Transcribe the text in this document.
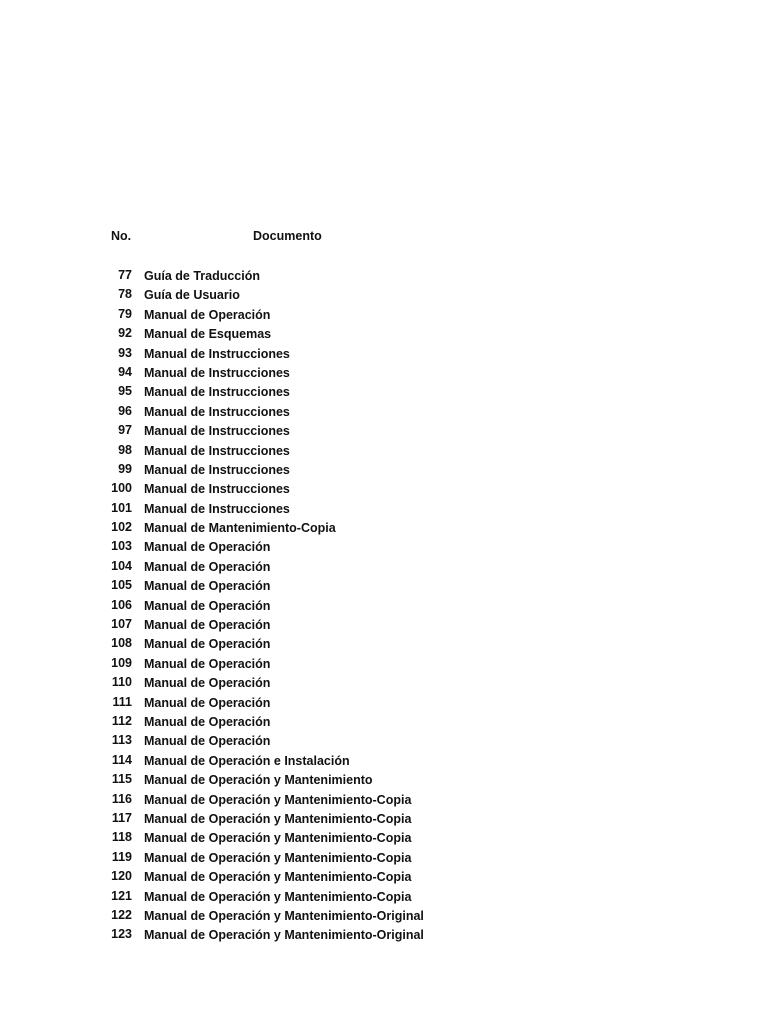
No.	Documento
77 Guía de Traducción
78 Guía de Usuario
79 Manual de Operación
92 Manual de Esquemas
93 Manual de Instrucciones
94 Manual de Instrucciones
95 Manual de Instrucciones
96 Manual de Instrucciones
97 Manual de Instrucciones
98 Manual de Instrucciones
99 Manual de Instrucciones
100 Manual de Instrucciones
101 Manual de Instrucciones
102 Manual de Mantenimiento-Copia
103 Manual de Operación
104 Manual de Operación
105 Manual de Operación
106 Manual de Operación
107 Manual de Operación
108 Manual de Operación
109 Manual de Operación
110 Manual de Operación
111 Manual de Operación
112 Manual de Operación
113 Manual de Operación
114 Manual de Operación e Instalación
115 Manual de Operación y Mantenimiento
116 Manual de Operación y Mantenimiento-Copia
117 Manual de Operación y Mantenimiento-Copia
118 Manual de Operación y Mantenimiento-Copia
119 Manual de Operación y Mantenimiento-Copia
120 Manual de Operación y Mantenimiento-Copia
121 Manual de Operación y Mantenimiento-Copia
122 Manual de Operación y Mantenimiento-Original
123 Manual de Operación y Mantenimiento-Original
